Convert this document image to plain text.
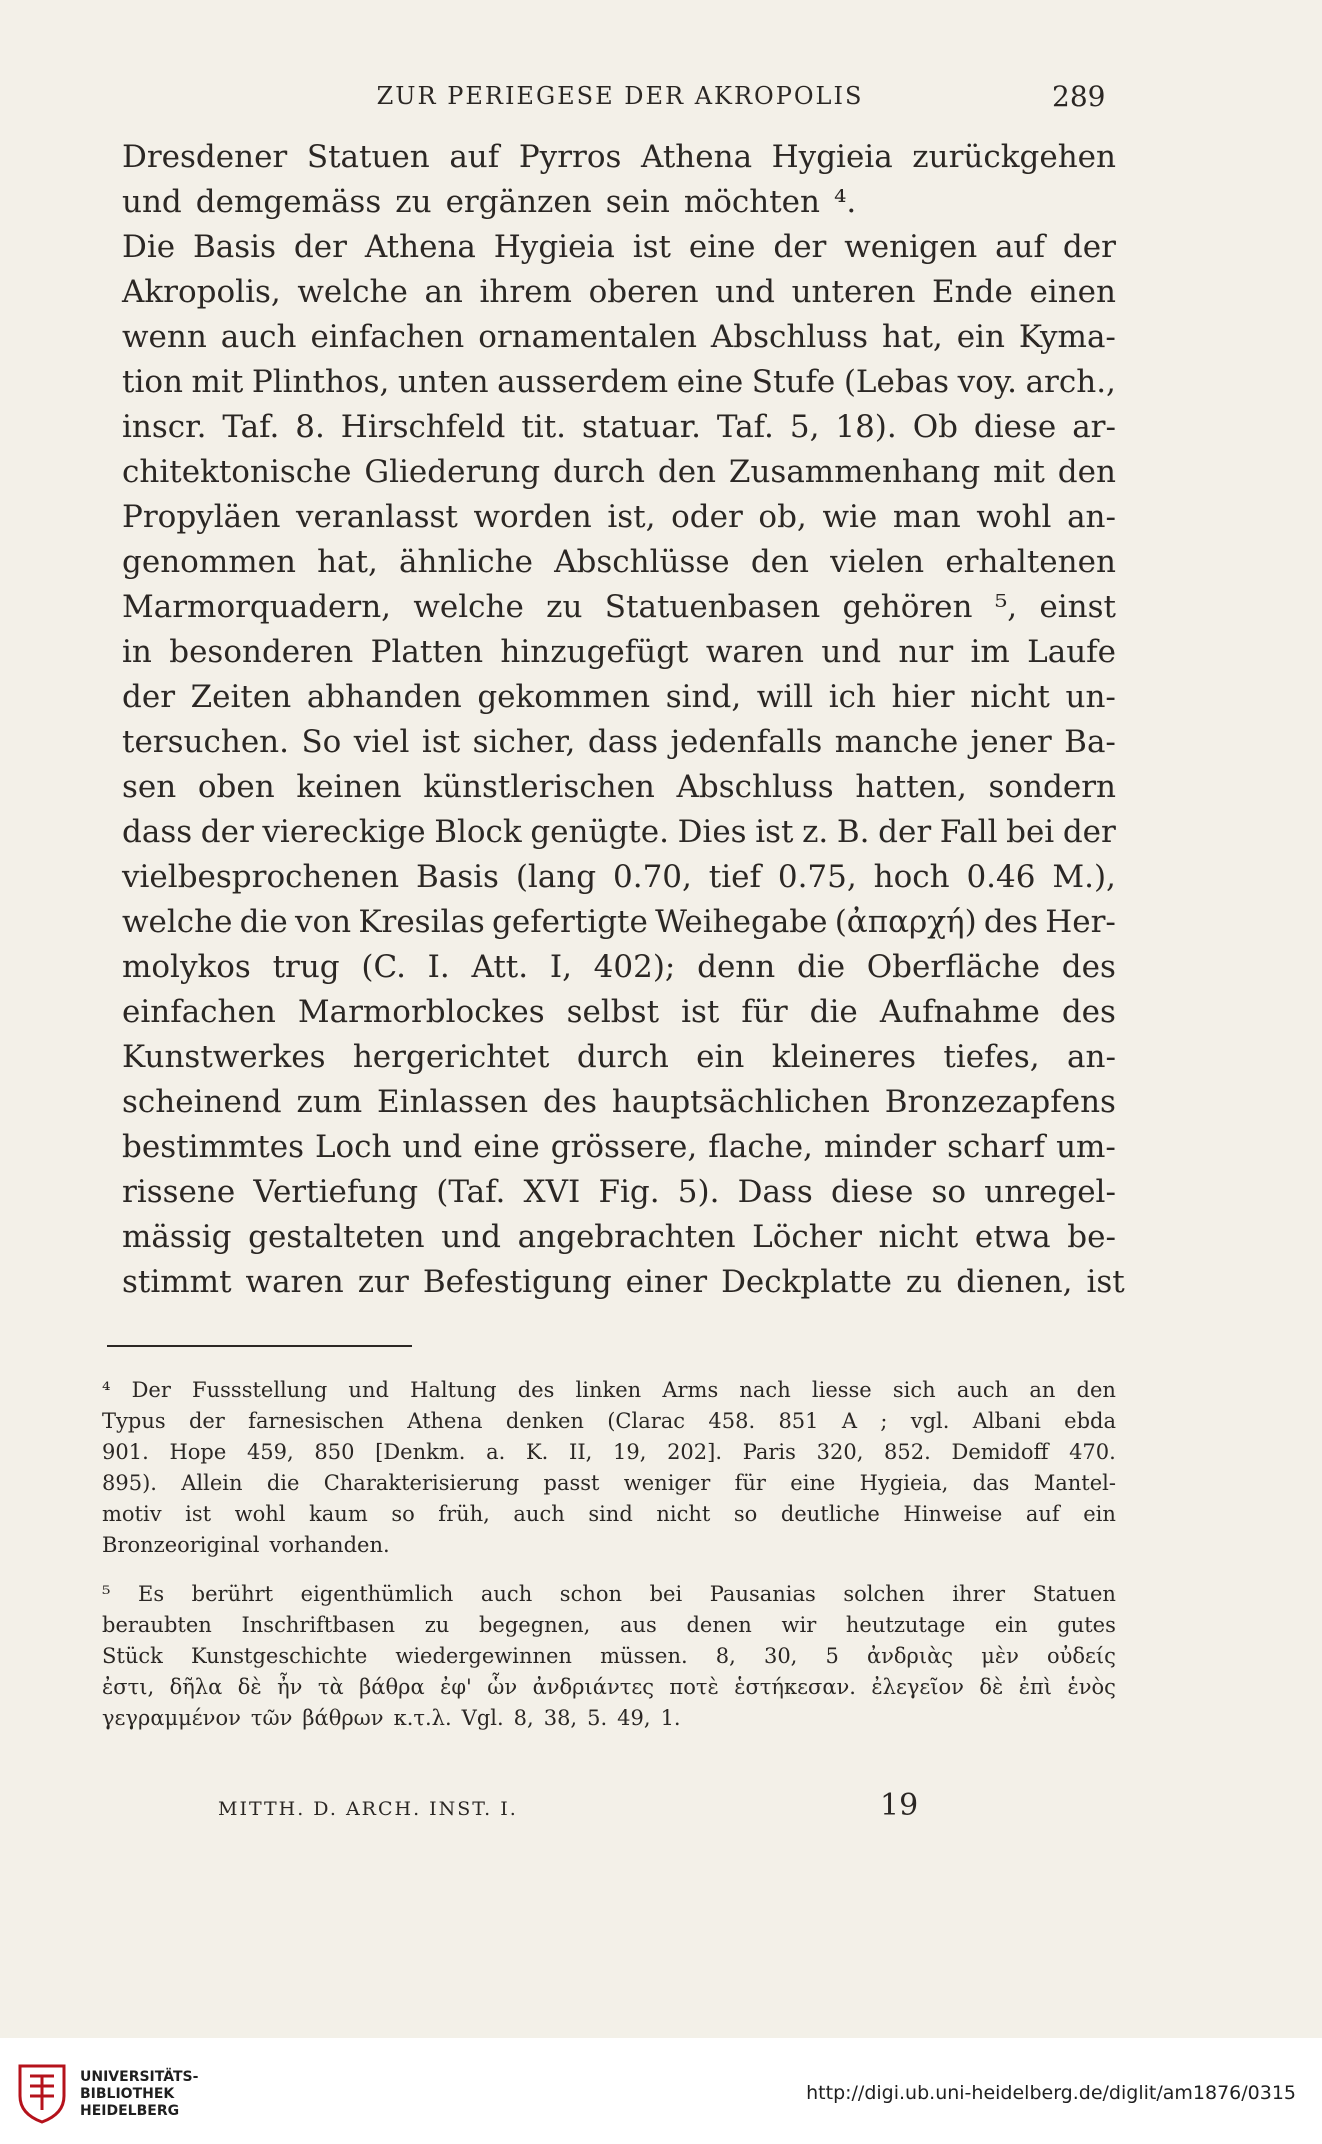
ZUR PERIEGESE DER AKROPOLIS	289
Dresdener Statuen auf Pyrros Athena Hygieia zurückgehen
und demgemäss zu ergänzen sein möchten ⁴.
Die Basis der Athena Hygieia ist eine der wenigen auf der
Akropolis, welche an ihrem oberen und unteren Ende einen
wenn auch einfachen ornamentalen Abschluss hat, ein Kyma-
tion mit Plinthos, unten ausserdem eine Stufe (Lebas voy. arch.,
inscr. Taf. 8. Hirschfeld tit. statuar. Taf. 5, 18). Ob diese ar-
chitektonische Gliederung durch den Zusammenhang mit den
Propyläen veranlasst worden ist, oder ob, wie man wohl an-
genommen hat, ähnliche Abschlüsse den vielen erhaltenen
Marmorquadern, welche zu Statuenbasen gehören ⁵, einst
in besonderen Platten hinzugefügt waren und nur im Laufe
der Zeiten abhanden gekommen sind, will ich hier nicht un-
tersuchen. So viel ist sicher, dass jedenfalls manche jener Ba-
sen oben keinen künstlerischen Abschluss hatten, sondern
dass der viereckige Block genügte. Dies ist z. B. der Fall bei der
vielbesprochenen Basis (lang 0.70, tief 0.75, hoch 0.46 M.),
welche die von Kresilas gefertigte Weihegabe (ἀπαρχή) des Her-
molykos trug (C. I. Att. I, 402); denn die Oberfläche des
einfachen Marmorblockes selbst ist für die Aufnahme des
Kunstwerkes hergerichtet durch ein kleineres tiefes, an-
scheinend zum Einlassen des hauptsächlichen Bronzezapfens
bestimmtes Loch und eine grössere, flache, minder scharf um-
rissene Vertiefung (Taf. XVI Fig. 5). Dass diese so unregel-
mässig gestalteten und angebrachten Löcher nicht etwa be-
stimmt waren zur Befestigung einer Deckplatte zu dienen, ist
⁴ Der Fussstellung und Haltung des linken Arms nach liesse sich auch an den
Typus der farnesischen Athena denken (Clarac 458. 851 A ; vgl. Albani ebda
901. Hope 459, 850 [Denkm. a. K. II, 19, 202]. Paris 320, 852. Demidoff 470.
895). Allein die Charakterisierung passt weniger für eine Hygieia, das Mantel-
motiv ist wohl kaum so früh, auch sind nicht so deutliche Hinweise auf ein
Bronzeoriginal vorhanden.
⁵ Es berührt eigenthümlich auch schon bei Pausanias solchen ihrer Statuen
beraubten Inschriftbasen zu begegnen, aus denen wir heutzutage ein gutes
Stück Kunstgeschichte wiedergewinnen müssen. 8, 30, 5 ἀνδριὰς μὲν οὐδείς
ἐστι, δῆλα δὲ ἦν τὰ βάθρα ἐφ' ὧν ἀνδριάντες ποτὲ ἑστήκεσαν. ἐλεγεῖον δὲ ἐπὶ ἑνὸς
γεγραμμένον τῶν βάθρων κ.τ.λ. Vgl. 8, 38, 5. 49, 1.
MITTH. D. ARCH. INST. I.	19
UNIVERSITÄTS-
BIBLIOTHEK
HEIDELBERG
http://digi.ub.uni-heidelberg.de/diglit/am1876/0315
